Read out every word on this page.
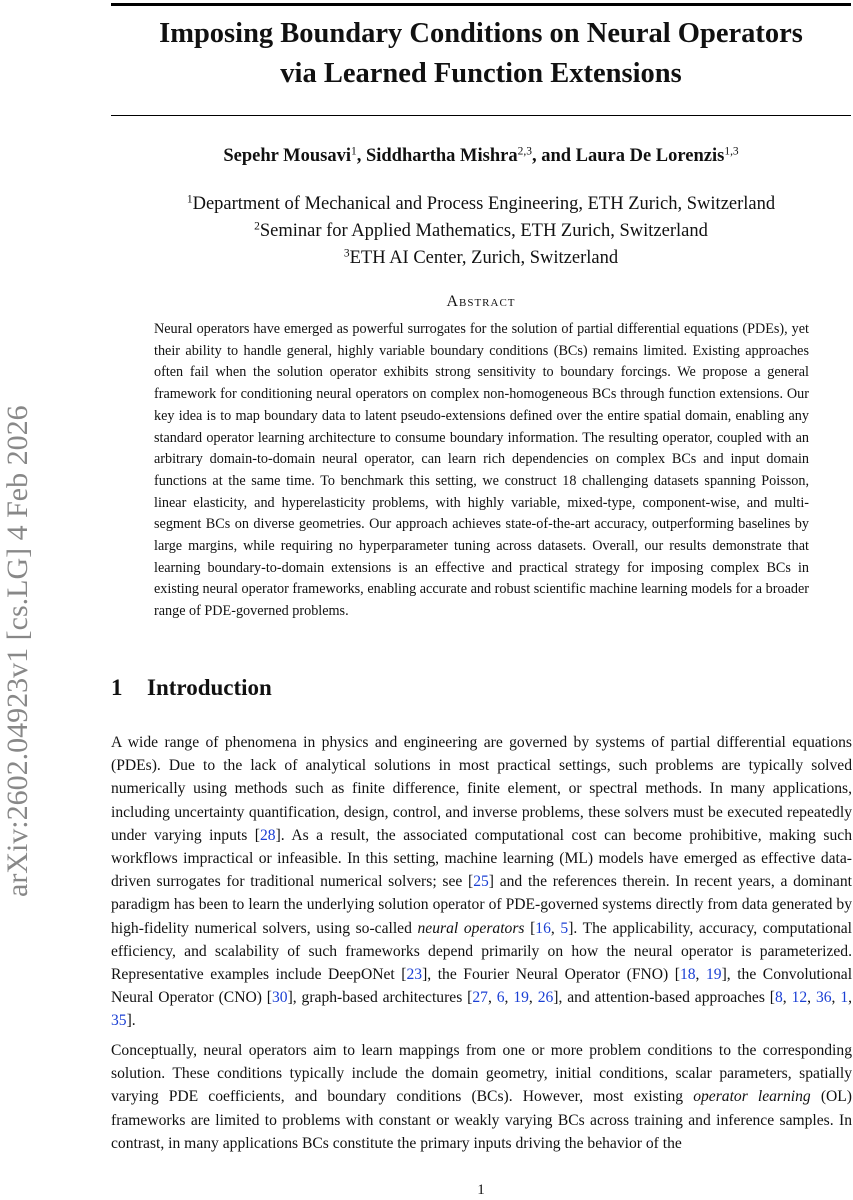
arXiv:2602.04923v1 [cs.LG] 4 Feb 2026
Imposing Boundary Conditions on Neural Operators
via Learned Function Extensions
Sepehr Mousavi$^1$, Siddhartha Mishra$^{2,3}$, and Laura De Lorenzis$^{1,3}$
$^1$Department of Mechanical and Process Engineering, ETH Zurich, Switzerland
$^2$Seminar for Applied Mathematics, ETH Zurich, Switzerland
$^3$ETH AI Center, Zurich, Switzerland
Abstract
Neural operators have emerged as powerful surrogates for the solution of partial differential equations (PDEs), yet their ability to handle general, highly variable boundary conditions (BCs) remains limited. Existing approaches often fail when the solution operator exhibits strong sensitivity to boundary forcings. We propose a general framework for conditioning neural operators on complex non-homogeneous BCs through function extensions. Our key idea is to map boundary data to latent pseudo-extensions defined over the entire spatial domain, enabling any standard operator learning architecture to consume boundary information. The resulting operator, coupled with an arbitrary domain-to-domain neural operator, can learn rich dependencies on complex BCs and input domain functions at the same time. To benchmark this setting, we construct 18 challenging datasets spanning Poisson, linear elasticity, and hyperelasticity problems, with highly variable, mixed-type, component-wise, and multi-segment BCs on diverse geometries. Our approach achieves state-of-the-art accuracy, outperforming baselines by large margins, while requiring no hyperparameter tuning across datasets. Overall, our results demonstrate that learning boundary-to-domain extensions is an effective and practical strategy for imposing complex BCs in existing neural operator frameworks, enabling accurate and robust scientific machine learning models for a broader range of PDE-governed problems.
1 Introduction
A wide range of phenomena in physics and engineering are governed by systems of partial differential equations (PDEs). Due to the lack of analytical solutions in most practical settings, such problems are typically solved numerically using methods such as finite difference, finite element, or spectral methods. In many applications, including uncertainty quantification, design, control, and inverse problems, these solvers must be executed repeatedly under varying inputs [28]. As a result, the associated computational cost can become prohibitive, making such workflows impractical or infeasible. In this setting, machine learning (ML) models have emerged as effective data-driven surrogates for traditional numerical solvers; see [25] and the references therein. In recent years, a dominant paradigm has been to learn the underlying solution operator of PDE-governed systems directly from data generated by high-fidelity numerical solvers, using so-called neural operators [16, 5]. The applicability, accuracy, computational efficiency, and scalability of such frameworks depend primarily on how the neural operator is parameterized. Representative examples include DeepONet [23], the Fourier Neural Operator (FNO) [18, 19], the Convolutional Neural Operator (CNO) [30], graph-based architectures [27, 6, 19, 26], and attention-based approaches [8, 12, 36, 1, 35].
Conceptually, neural operators aim to learn mappings from one or more problem conditions to the corresponding solution. These conditions typically include the domain geometry, initial conditions, scalar parameters, spatially varying PDE coefficients, and boundary conditions (BCs). However, most existing operator learning (OL) frameworks are limited to problems with constant or weakly varying BCs across training and inference samples. In contrast, in many applications BCs constitute the primary inputs driving the behavior of the
1
